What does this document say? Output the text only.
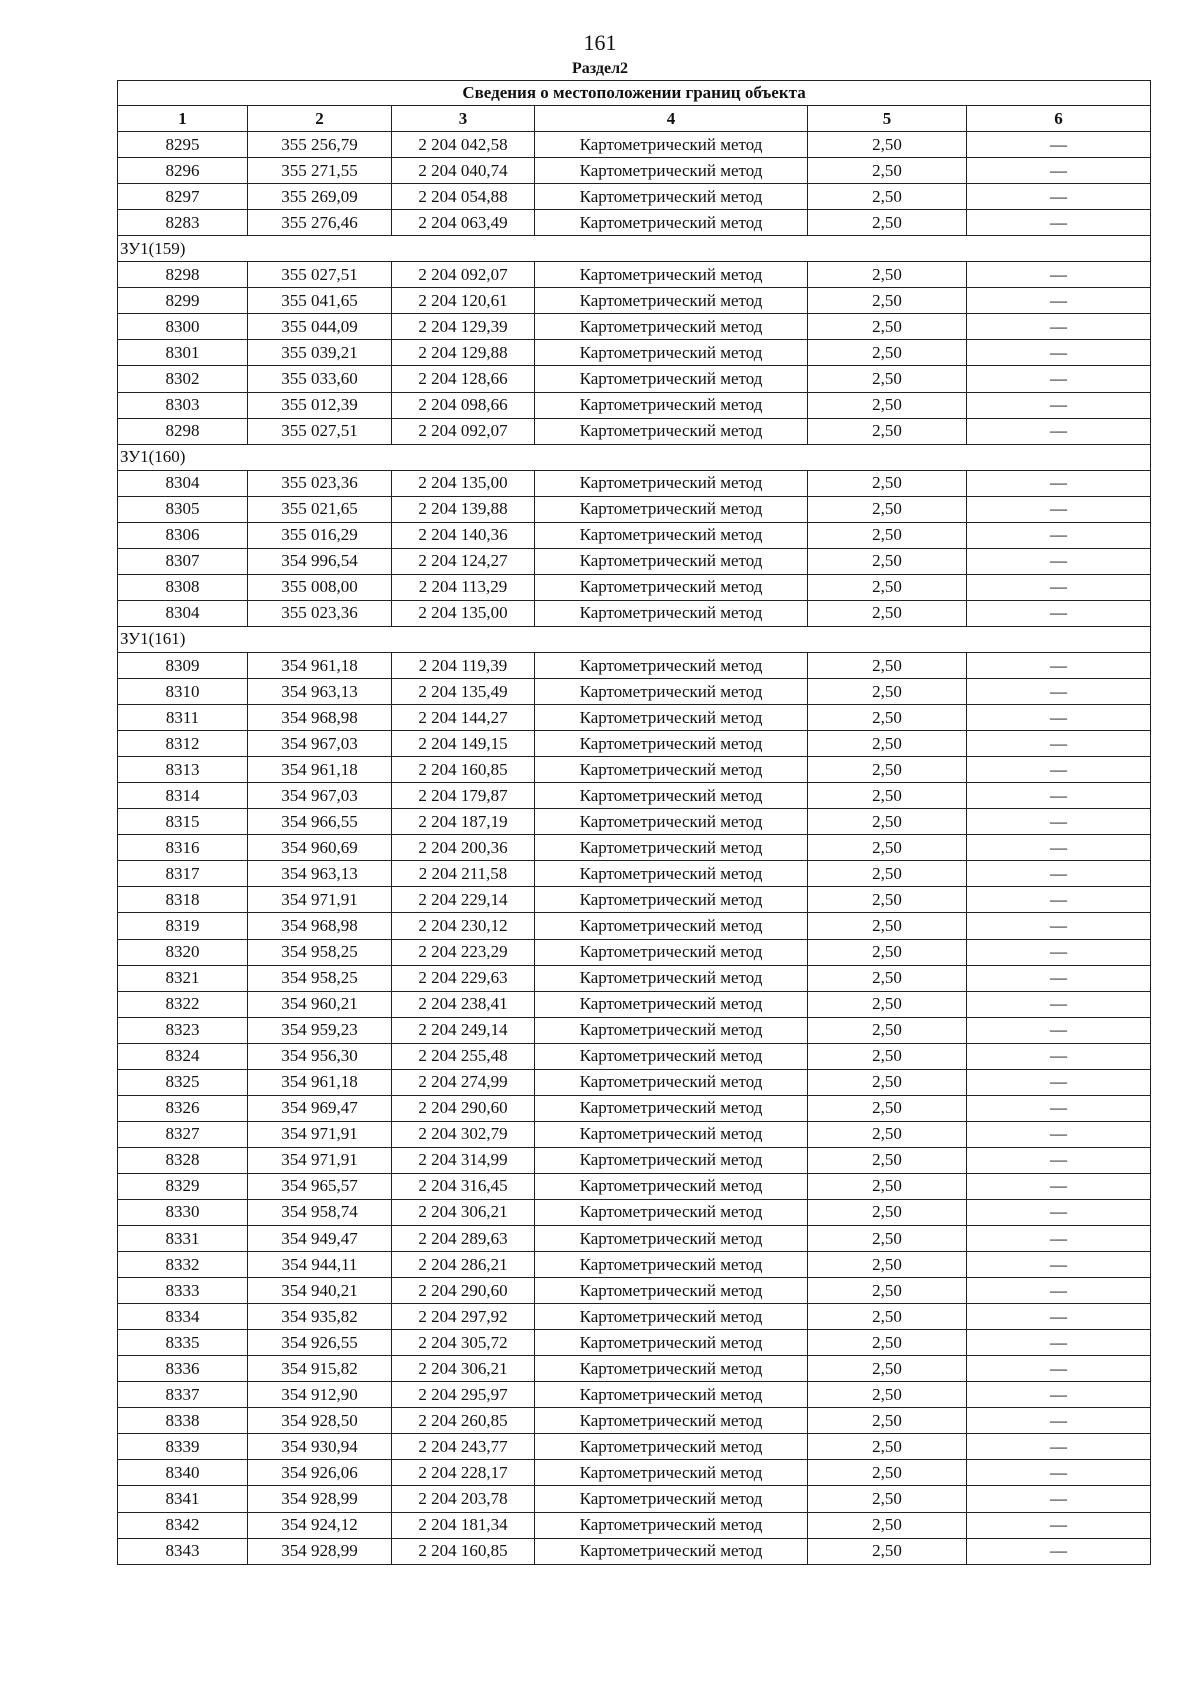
161
Раздел2
Сведения о местоположении границ объекта					
1	2	3	4	5	6
8295	355 256,79	2 204 042,58	Картометрический метод	2,50	—
8296	355 271,55	2 204 040,74	Картометрический метод	2,50	—
8297	355 269,09	2 204 054,88	Картометрический метод	2,50	—
8283	355 276,46	2 204 063,49	Картометрический метод	2,50	—
ЗУ1(159)					
8298	355 027,51	2 204 092,07	Картометрический метод	2,50	—
8299	355 041,65	2 204 120,61	Картометрический метод	2,50	—
8300	355 044,09	2 204 129,39	Картометрический метод	2,50	—
8301	355 039,21	2 204 129,88	Картометрический метод	2,50	—
8302	355 033,60	2 204 128,66	Картометрический метод	2,50	—
8303	355 012,39	2 204 098,66	Картометрический метод	2,50	—
8298	355 027,51	2 204 092,07	Картометрический метод	2,50	—
ЗУ1(160)					
8304	355 023,36	2 204 135,00	Картометрический метод	2,50	—
8305	355 021,65	2 204 139,88	Картометрический метод	2,50	—
8306	355 016,29	2 204 140,36	Картометрический метод	2,50	—
8307	354 996,54	2 204 124,27	Картометрический метод	2,50	—
8308	355 008,00	2 204 113,29	Картометрический метод	2,50	—
8304	355 023,36	2 204 135,00	Картометрический метод	2,50	—
ЗУ1(161)					
8309	354 961,18	2 204 119,39	Картометрический метод	2,50	—
8310	354 963,13	2 204 135,49	Картометрический метод	2,50	—
8311	354 968,98	2 204 144,27	Картометрический метод	2,50	—
8312	354 967,03	2 204 149,15	Картометрический метод	2,50	—
8313	354 961,18	2 204 160,85	Картометрический метод	2,50	—
8314	354 967,03	2 204 179,87	Картометрический метод	2,50	—
8315	354 966,55	2 204 187,19	Картометрический метод	2,50	—
8316	354 960,69	2 204 200,36	Картометрический метод	2,50	—
8317	354 963,13	2 204 211,58	Картометрический метод	2,50	—
8318	354 971,91	2 204 229,14	Картометрический метод	2,50	—
8319	354 968,98	2 204 230,12	Картометрический метод	2,50	—
8320	354 958,25	2 204 223,29	Картометрический метод	2,50	—
8321	354 958,25	2 204 229,63	Картометрический метод	2,50	—
8322	354 960,21	2 204 238,41	Картометрический метод	2,50	—
8323	354 959,23	2 204 249,14	Картометрический метод	2,50	—
8324	354 956,30	2 204 255,48	Картометрический метод	2,50	—
8325	354 961,18	2 204 274,99	Картометрический метод	2,50	—
8326	354 969,47	2 204 290,60	Картометрический метод	2,50	—
8327	354 971,91	2 204 302,79	Картометрический метод	2,50	—
8328	354 971,91	2 204 314,99	Картометрический метод	2,50	—
8329	354 965,57	2 204 316,45	Картометрический метод	2,50	—
8330	354 958,74	2 204 306,21	Картометрический метод	2,50	—
8331	354 949,47	2 204 289,63	Картометрический метод	2,50	—
8332	354 944,11	2 204 286,21	Картометрический метод	2,50	—
8333	354 940,21	2 204 290,60	Картометрический метод	2,50	—
8334	354 935,82	2 204 297,92	Картометрический метод	2,50	—
8335	354 926,55	2 204 305,72	Картометрический метод	2,50	—
8336	354 915,82	2 204 306,21	Картометрический метод	2,50	—
8337	354 912,90	2 204 295,97	Картометрический метод	2,50	—
8338	354 928,50	2 204 260,85	Картометрический метод	2,50	—
8339	354 930,94	2 204 243,77	Картометрический метод	2,50	—
8340	354 926,06	2 204 228,17	Картометрический метод	2,50	—
8341	354 928,99	2 204 203,78	Картометрический метод	2,50	—
8342	354 924,12	2 204 181,34	Картометрический метод	2,50	—
8343	354 928,99	2 204 160,85	Картометрический метод	2,50	—
